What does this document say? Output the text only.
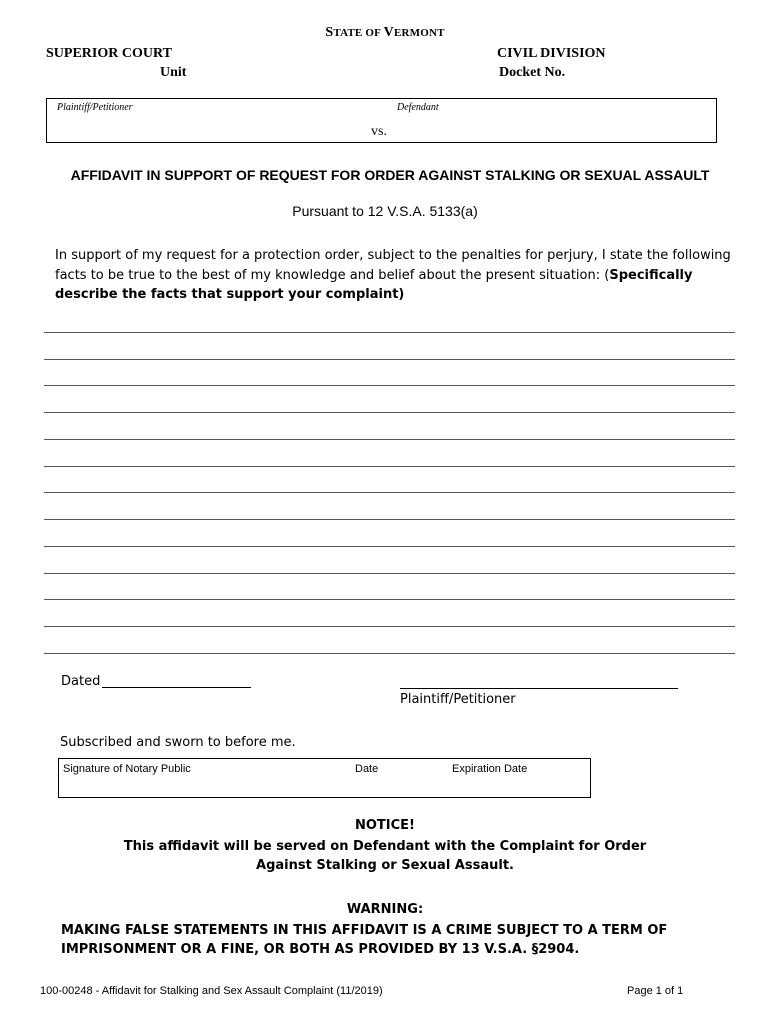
STATE OF VERMONT
SUPERIOR COURT
Unit
CIVIL DIVISION
Docket No.
Plaintiff/Petitioner	Defendant
vs.
AFFIDAVIT IN SUPPORT OF REQUEST FOR ORDER AGAINST STALKING OR SEXUAL ASSAULT
Pursuant to 12 V.S.A. 5133(a)
In support of my request for a protection order, subject to the penalties for perjury, I state the following facts to be true to the best of my knowledge and belief about the present situation: (Specifically describe the facts that support your complaint)
Dated
Plaintiff/Petitioner
Subscribed and sworn to before me.
Signature of Notary Public	Date	Expiration Date
NOTICE!
This affidavit will be served on Defendant with the Complaint for Order Against Stalking or Sexual Assault.
WARNING:
MAKING FALSE STATEMENTS IN THIS AFFIDAVIT IS A CRIME SUBJECT TO A TERM OF IMPRISONMENT OR A FINE, OR BOTH AS PROVIDED BY 13 V.S.A. §2904.
100-00248 - Affidavit for Stalking and Sex Assault Complaint (11/2019)	Page 1 of 1
